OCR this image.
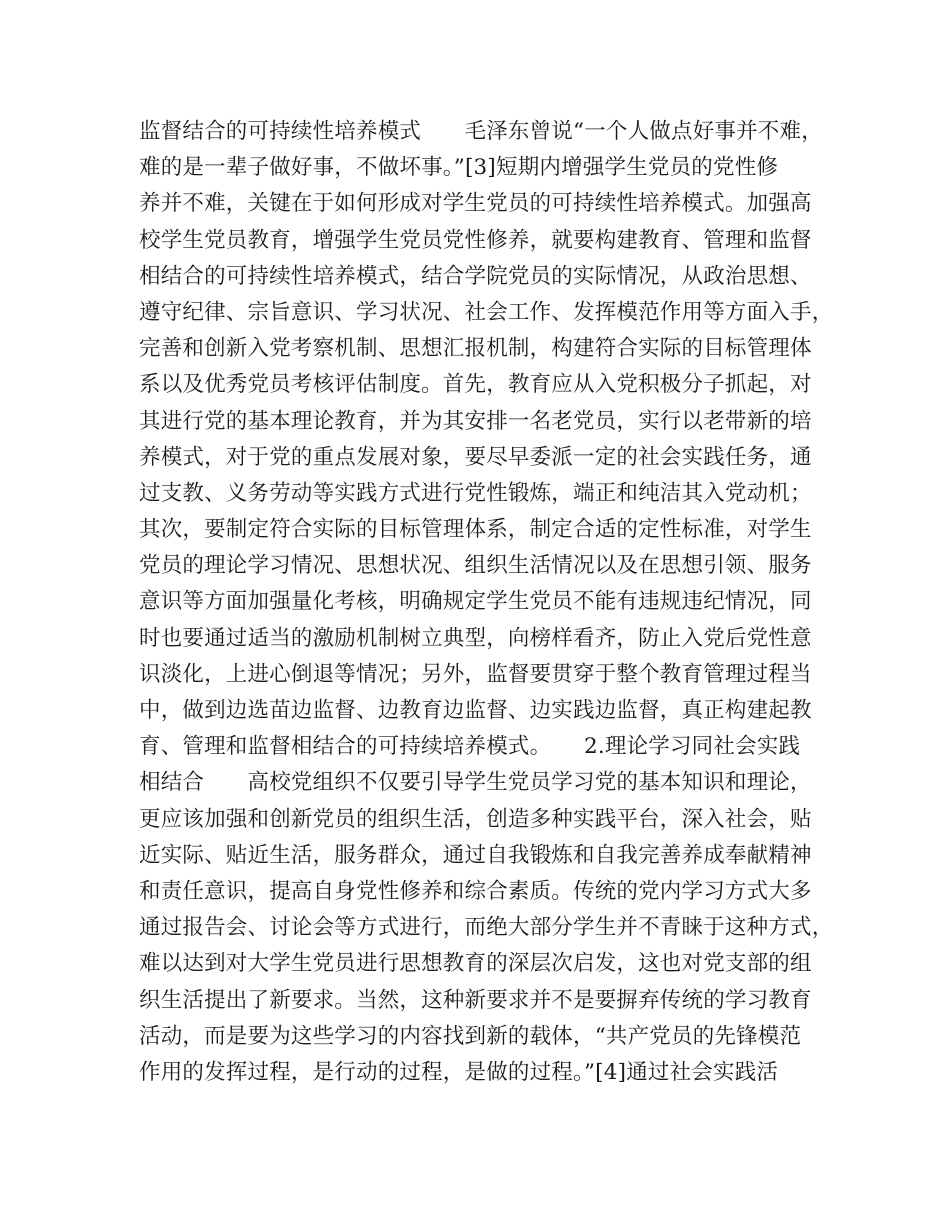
监督结合的可持续性培养模式　　毛泽东曾说“一个人做点好事并不难，
难的是一辈子做好事，不做坏事。”[3]短期内增强学生党员的党性修
养并不难，关键在于如何形成对学生党员的可持续性培养模式。加强高
校学生党员教育，增强学生党员党性修养，就要构建教育、管理和监督
相结合的可持续性培养模式，结合学院党员的实际情况，从政治思想、
遵守纪律、宗旨意识、学习状况、社会工作、发挥模范作用等方面入手，
完善和创新入党考察机制、思想汇报机制，构建符合实际的目标管理体
系以及优秀党员考核评估制度。首先，教育应从入党积极分子抓起，对
其进行党的基本理论教育，并为其安排一名老党员，实行以老带新的培
养模式，对于党的重点发展对象，要尽早委派一定的社会实践任务，通
过支教、义务劳动等实践方式进行党性锻炼，端正和纯洁其入党动机；
其次，要制定符合实际的目标管理体系，制定合适的定性标准，对学生
党员的理论学习情况、思想状况、组织生活情况以及在思想引领、服务
意识等方面加强量化考核，明确规定学生党员不能有违规违纪情况，同
时也要通过适当的激励机制树立典型，向榜样看齐，防止入党后党性意
识淡化，上进心倒退等情况；另外，监督要贯穿于整个教育管理过程当
中，做到边选苗边监督、边教育边监督、边实践边监督，真正构建起教
育、管理和监督相结合的可持续培养模式。　　2.理论学习同社会实践
相结合　　高校党组织不仅要引导学生党员学习党的基本知识和理论，
更应该加强和创新党员的组织生活，创造多种实践平台，深入社会，贴
近实际、贴近生活，服务群众，通过自我锻炼和自我完善养成奉献精神
和责任意识，提高自身党性修养和综合素质。传统的党内学习方式大多
通过报告会、讨论会等方式进行，而绝大部分学生并不青睐于这种方式，
难以达到对大学生党员进行思想教育的深层次启发，这也对党支部的组
织生活提出了新要求。当然，这种新要求并不是要摒弃传统的学习教育
活动，而是要为这些学习的内容找到新的载体，“共产党员的先锋模范
作用的发挥过程，是行动的过程，是做的过程。”[4]通过社会实践活
